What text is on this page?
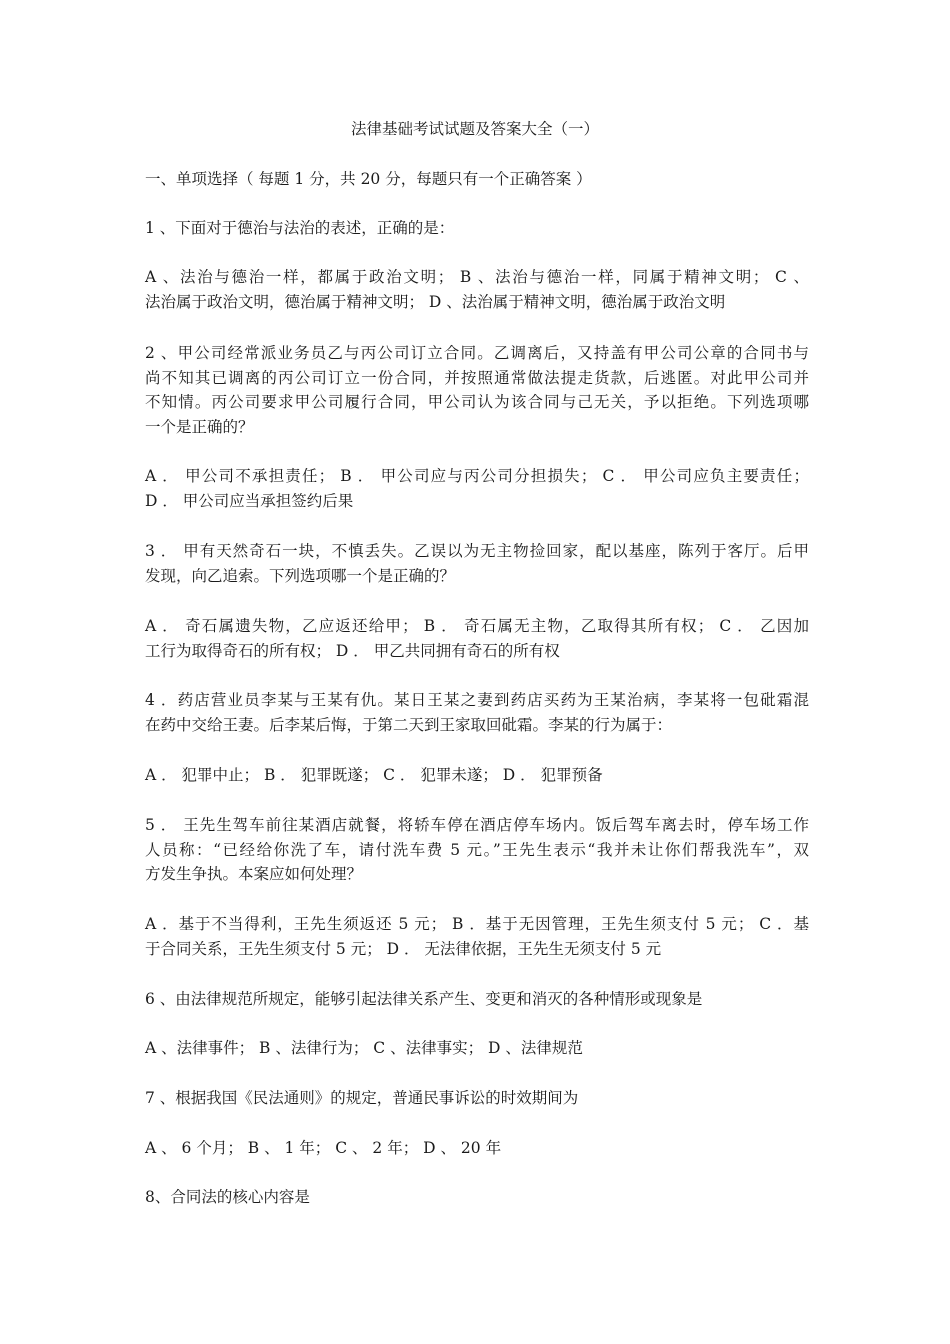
法律基础考试试题及答案大全（一）
一、单项选择（ 每题 1 分，共 20 分，每题只有一个正确答案 ）
1 、下面对于德治与法治的表述，正确的是：
A 、法治与德治一样，都属于政治文明； B 、法治与德治一样，同属于精神文明； C 、
法治属于政治文明，德治属于精神文明； D 、法治属于精神文明，德治属于政治文明
2 、甲公司经常派业务员乙与丙公司订立合同。乙调离后，又持盖有甲公司公章的合同书与
尚不知其已调离的丙公司订立一份合同，并按照通常做法提走货款，后逃匿。对此甲公司并
不知情。丙公司要求甲公司履行合同，甲公司认为该合同与己无关，予以拒绝。下列选项哪
一个是正确的？
A ． 甲公司不承担责任； B ． 甲公司应与丙公司分担损失； C ． 甲公司应负主要责任；
D ． 甲公司应当承担签约后果
3 ． 甲有天然奇石一块，不慎丢失。乙误以为无主物捡回家，配以基座，陈列于客厅。后甲
发现，向乙追索。下列选项哪一个是正确的？
A ． 奇石属遗失物，乙应返还给甲； B ． 奇石属无主物，乙取得其所有权； C ． 乙因加
工行为取得奇石的所有权； D ． 甲乙共同拥有奇石的所有权
4 ．药店营业员李某与王某有仇。某日王某之妻到药店买药为王某治病，李某将一包砒霜混
在药中交给王妻。后李某后悔，于第二天到王家取回砒霜。李某的行为属于：
A ． 犯罪中止； B ． 犯罪既遂； C ． 犯罪未遂； D ． 犯罪预备
5 ． 王先生驾车前往某酒店就餐，将轿车停在酒店停车场内。饭后驾车离去时，停车场工作
人员称：“已经给你洗了车，请付洗车费 5 元。”王先生表示“我并未让你们帮我洗车”，双
方发生争执。本案应如何处理？
A ．基于不当得利，王先生须返还 5 元； B ．基于无因管理，王先生须支付 5 元； C ．基
于合同关系，王先生须支付 5 元； D ． 无法律依据，王先生无须支付 5 元
6 、由法律规范所规定，能够引起法律关系产生、变更和消灭的各种情形或现象是
A 、法律事件； B 、法律行为； C 、法律事实； D 、法律规范
7 、根据我国《民法通则》的规定，普通民事诉讼的时效期间为
A 、 6 个月； B 、 1 年； C 、 2 年； D 、 20 年
8、合同法的核心内容是
